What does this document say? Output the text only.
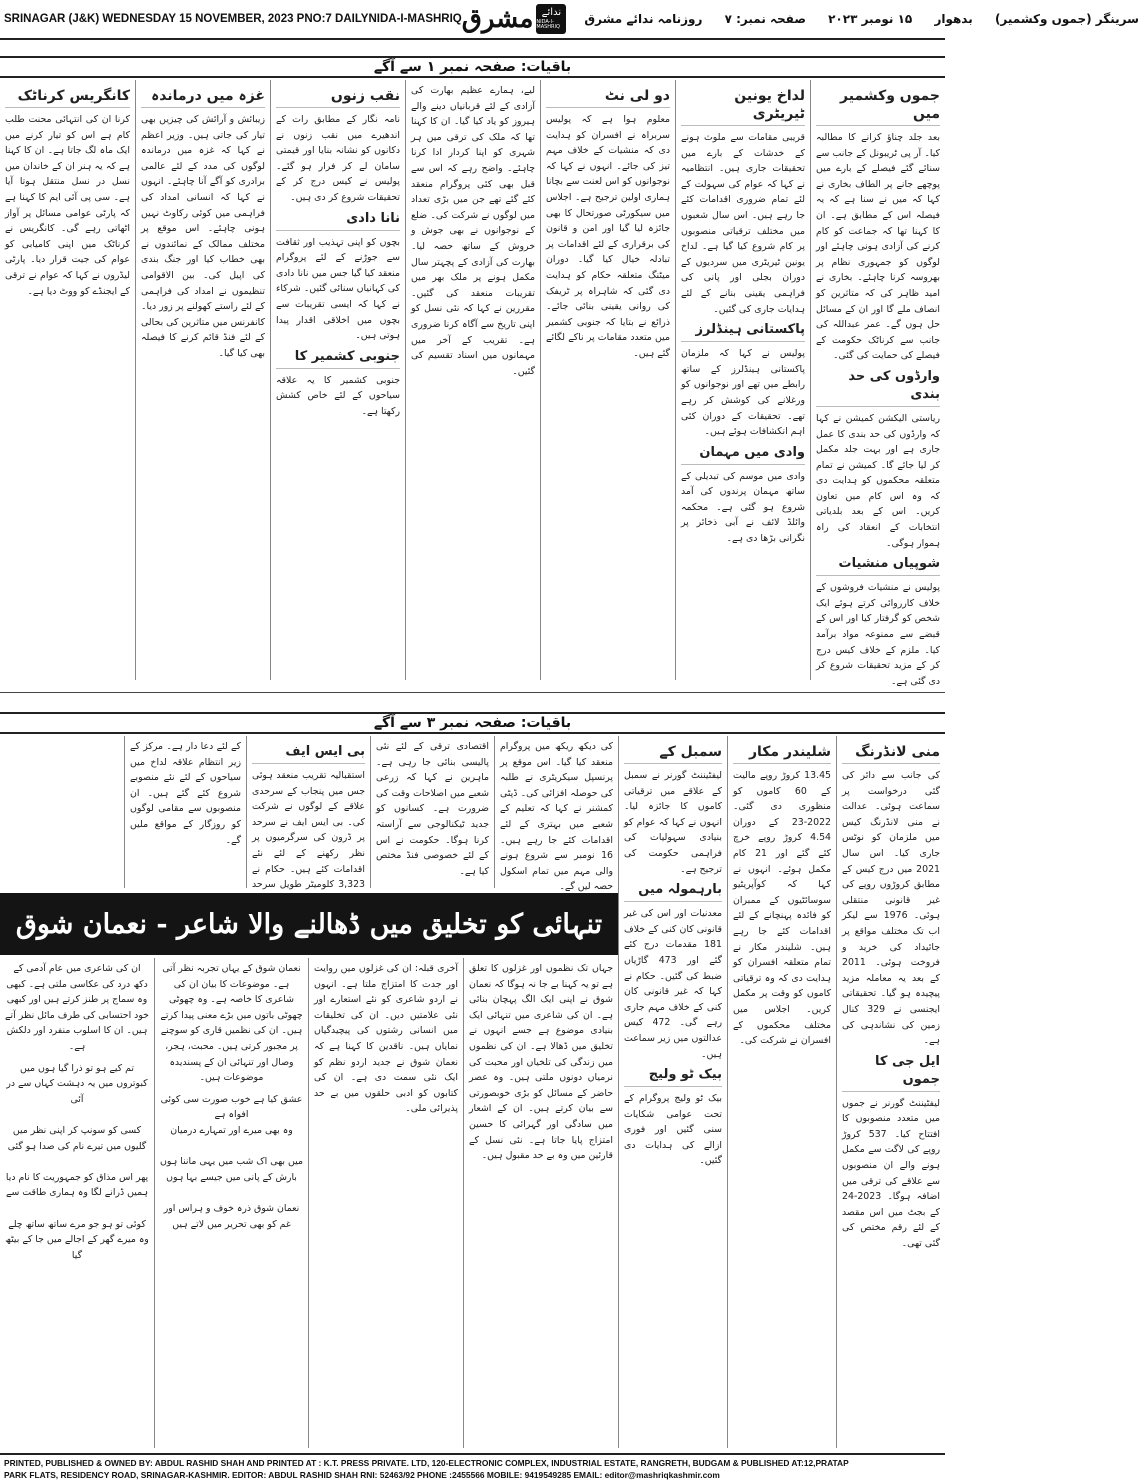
SRINAGAR (J&K) WEDNESDAY 15 NOVEMBER, 2023 PNO:7 DAILYNIDA-I-MASHRIQ مشرق ندائے
NIDA-I-MASHRIQ
سرینگر (جموں وکشمیر) بدھوار ۱۵ نومبر ۲۰۲۳ صفحہ نمبر: ۷ روزنامہ ندائے مشرق
باقیات: صفحہ نمبر ۱ سے آگے
جموں وکشمیر میں
بعد جلد چناؤ کرانے کا مطالبہ کیا۔ آر پی ٹریبونل کے جانب سے سنائے گئے فیصلے کے بارے میں پوچھے جانے پر الطاف بخاری نے کہا کہ میں نے سنا ہے کہ یہ فیصلہ اس کے مطابق ہے۔ ان کا کہنا تھا کہ جماعت کو کام کرنے کی آزادی ہونی چاہئے اور لوگوں کو جمہوری نظام پر بھروسہ کرنا چاہئے۔ بخاری نے امید ظاہر کی کہ متاثرین کو انصاف ملے گا اور ان کے مسائل حل ہوں گے۔ عمر عبداللہ کی جانب سے کرناٹک حکومت کے فیصلے کی حمایت کی گئی۔
وارڈوں کی حد بندی
ریاستی الیکشن کمیشن نے کہا کہ وارڈوں کی حد بندی کا عمل جاری ہے اور بہت جلد مکمل کر لیا جائے گا۔ کمیشن نے تمام متعلقہ محکموں کو ہدایت دی کہ وہ اس کام میں تعاون کریں۔ اس کے بعد بلدیاتی انتخابات کے انعقاد کی راہ ہموار ہوگی۔
شوپیاں منشیات
پولیس نے منشیات فروشوں کے خلاف کارروائی کرتے ہوئے ایک شخص کو گرفتار کیا اور اس کے قبضے سے ممنوعہ مواد برآمد کیا۔ ملزم کے خلاف کیس درج کر کے مزید تحقیقات شروع کر دی گئی ہے۔
لداخ یونین ٹیریٹری
قریبی مقامات سے ملوث ہونے کے خدشات کے بارے میں تحقیقات جاری ہیں۔ انتظامیہ نے کہا کہ عوام کی سہولت کے لئے تمام ضروری اقدامات کئے جا رہے ہیں۔ اس سال شعبوں میں مختلف ترقیاتی منصوبوں پر کام شروع کیا گیا ہے۔ لداخ یونین ٹیریٹری میں سردیوں کے دوران بجلی اور پانی کی فراہمی یقینی بنانے کے لئے ہدایات جاری کی گئیں۔
پاکستانی ہینڈلرز
پولیس نے کہا کہ ملزمان پاکستانی ہینڈلرز کے ساتھ رابطے میں تھے اور نوجوانوں کو ورغلانے کی کوشش کر رہے تھے۔ تحقیقات کے دوران کئی اہم انکشافات ہوئے ہیں۔
وادی میں مہمان
وادی میں موسم کی تبدیلی کے ساتھ مہمان پرندوں کی آمد شروع ہو گئی ہے۔ محکمہ وائلڈ لائف نے آبی ذخائر پر نگرانی بڑھا دی ہے۔
دو لی نٹ
معلوم ہوا ہے کہ پولیس سربراہ نے افسران کو ہدایت دی کہ منشیات کے خلاف مہم تیز کی جائے۔ انہوں نے کہا کہ نوجوانوں کو اس لعنت سے بچانا ہماری اولین ترجیح ہے۔ اجلاس میں سیکورٹی صورتحال کا بھی جائزہ لیا گیا اور امن و قانون کی برقراری کے لئے اقدامات پر تبادلہ خیال کیا گیا۔ دوران میٹنگ متعلقہ حکام کو ہدایت دی گئی کہ شاہراہ پر ٹریفک کی روانی یقینی بنائی جائے۔ ذرائع نے بتایا کہ جنوبی کشمیر میں متعدد مقامات پر ناکے لگائے گئے ہیں۔
لیے، ہمارے عظیم بھارت کی آزادی کے لئے قربانیاں دینے والے ہیروز کو یاد کیا گیا۔ ان کا کہنا تھا کہ ملک کی ترقی میں ہر شہری کو اپنا کردار ادا کرنا چاہئے۔ واضح رہے کہ اس سے قبل بھی کئی پروگرام منعقد کئے گئے تھے جن میں بڑی تعداد میں لوگوں نے شرکت کی۔ ضلع کے نوجوانوں نے بھی جوش و خروش کے ساتھ حصہ لیا۔ بھارت کی آزادی کے پچہتر سال مکمل ہونے پر ملک بھر میں تقریبات منعقد کی گئیں۔ مقررین نے کہا کہ نئی نسل کو اپنی تاریخ سے آگاہ کرنا ضروری ہے۔ تقریب کے آخر میں مہمانوں میں اسناد تقسیم کی گئیں۔
نقب زنوں
نامہ نگار کے مطابق رات کے اندھیرے میں نقب زنوں نے دکانوں کو نشانہ بنایا اور قیمتی سامان لے کر فرار ہو گئے۔ پولیس نے کیس درج کر کے تحقیقات شروع کر دی ہیں۔
نانا دادی
بچوں کو اپنی تہذیب اور ثقافت سے جوڑنے کے لئے پروگرام منعقد کیا گیا جس میں نانا دادی کی کہانیاں سنائی گئیں۔ شرکاء نے کہا کہ ایسی تقریبات سے بچوں میں اخلاقی اقدار پیدا ہوتی ہیں۔
جنوبی کشمیر کا
جنوبی کشمیر کا یہ علاقہ سیاحوں کے لئے خاص کشش رکھتا ہے۔
غزہ میں درماندہ
زیبائش و آرائش کی چیزیں بھی تیار کی جاتی ہیں۔ وزیر اعظم نے کہا کہ غزہ میں درماندہ لوگوں کی مدد کے لئے عالمی برادری کو آگے آنا چاہئے۔ انہوں نے کہا کہ انسانی امداد کی فراہمی میں کوئی رکاوٹ نہیں ہونی چاہئے۔ اس موقع پر مختلف ممالک کے نمائندوں نے بھی خطاب کیا اور جنگ بندی کی اپیل کی۔ بین الاقوامی تنظیموں نے امداد کی فراہمی کے لئے راستے کھولنے پر زور دیا۔ کانفرنس میں متاثرین کی بحالی کے لئے فنڈ قائم کرنے کا فیصلہ بھی کیا گیا۔
کانگریس کرناٹک
کرنا ان کی انتہائی محنت طلب کام ہے اس کو تیار کرنے میں ایک ماہ لگ جاتا ہے۔ ان کا کہنا ہے کہ یہ ہنر ان کے خاندان میں نسل در نسل منتقل ہوتا آیا ہے۔ سی پی آئی ایم کا کہنا ہے کہ پارٹی عوامی مسائل پر آواز اٹھاتی رہے گی۔ کانگریس نے کرناٹک میں اپنی کامیابی کو عوام کی جیت قرار دیا۔ پارٹی لیڈروں نے کہا کہ عوام نے ترقی کے ایجنڈے کو ووٹ دیا ہے۔
باقیات: صفحہ نمبر ۳ سے آگے
منی لانڈرنگ
کی جانب سے دائر کی گئی درخواست پر سماعت ہوئی۔ عدالت نے منی لانڈرنگ کیس میں ملزمان کو نوٹس جاری کیا۔ اس سال 2021 میں درج کیس کے مطابق کروڑوں روپے کی غیر قانونی منتقلی ہوئی۔ 1976 سے لیکر اب تک مختلف مواقع پر جائیداد کی خرید و فروخت ہوئی۔ 2011 کے بعد یہ معاملہ مزید پیچیدہ ہو گیا۔ تحقیقاتی ایجنسی نے 329 کنال زمین کی نشاندہی کی ہے۔
ایل جی کا جموں
لیفٹیننٹ گورنر نے جموں میں متعدد منصوبوں کا افتتاح کیا۔ 537 کروڑ روپے کی لاگت سے مکمل ہونے والے ان منصوبوں سے علاقے کی ترقی میں اضافہ ہوگا۔ 2023-24 کے بجٹ میں اس مقصد کے لئے رقم مختص کی گئی تھی۔
شلیندر مکار
13.45 کروڑ روپے مالیت کے 60 کاموں کو منظوری دی گئی۔ 2022-23 کے دوران 4.54 کروڑ روپے خرچ کئے گئے اور 21 کام مکمل ہوئے۔ انہوں نے کہا کہ کوآپریٹیو سوسائٹیوں کے ممبران کو فائدہ پہنچانے کے لئے اقدامات کئے جا رہے ہیں۔ شلیندر مکار نے تمام متعلقہ افسران کو ہدایت دی کہ وہ ترقیاتی کاموں کو وقت پر مکمل کریں۔ اجلاس میں مختلف محکموں کے افسران نے شرکت کی۔
سمبل کے
لیفٹیننٹ گورنر نے سمبل کے علاقے میں ترقیاتی کاموں کا جائزہ لیا۔ انہوں نے کہا کہ عوام کو بنیادی سہولیات کی فراہمی حکومت کی ترجیح ہے۔
بارہمولہ میں
معدنیات اور اس کی غیر قانونی کان کنی کے خلاف 181 مقدمات درج کئے گئے اور 473 گاڑیاں ضبط کی گئیں۔ حکام نے کہا کہ غیر قانونی کان کنی کے خلاف مہم جاری رہے گی۔ 472 کیس عدالتوں میں زیر سماعت ہیں۔
بیک ٹو ولیج
بیک ٹو ولیج پروگرام کے تحت عوامی شکایات سنی گئیں اور فوری ازالے کی ہدایات دی گئیں۔
کی دیکھ ریکھ میں پروگرام منعقد کیا گیا۔ اس موقع پر پرنسپل سیکریٹری نے طلبہ کی حوصلہ افزائی کی۔ ڈپٹی کمشنر نے کہا کہ تعلیم کے شعبے میں بہتری کے لئے اقدامات کئے جا رہے ہیں۔ 16 نومبر سے شروع ہونے والی مہم میں تمام اسکول حصہ لیں گے۔
اقتصادی ترقی کے لئے نئی پالیسی بنائی جا رہی ہے۔ ماہرین نے کہا کہ زرعی شعبے میں اصلاحات وقت کی ضرورت ہے۔ کسانوں کو جدید ٹیکنالوجی سے آراستہ کرنا ہوگا۔ حکومت نے اس کے لئے خصوصی فنڈ مختص کیا ہے۔
بی ایس ایف
استقبالیہ تقریب منعقد ہوئی جس میں پنجاب کے سرحدی علاقے کے لوگوں نے شرکت کی۔ بی ایس ایف نے سرحد پر ڈرون کی سرگرمیوں پر نظر رکھنے کے لئے نئے اقدامات کئے ہیں۔ حکام نے 3,323 کلومیٹر طویل سرحد
کے لئے دعا دار ہے۔ مرکز کے زیر انتظام علاقہ لداخ میں سیاحوں کے لئے نئے منصوبے شروع کئے گئے ہیں۔ ان منصوبوں سے مقامی لوگوں کو روزگار کے مواقع ملیں گے۔
تنہائی کو تخلیق میں ڈھالنے والا شاعر - نعمان شوق
جہاں تک نظموں اور غزلوں کا تعلق ہے تو یہ کہنا بے جا نہ ہوگا کہ نعمان شوق نے اپنی ایک الگ پہچان بنائی ہے۔ ان کی شاعری میں تنہائی ایک بنیادی موضوع ہے جسے انہوں نے تخلیق میں ڈھالا ہے۔ ان کی نظموں میں زندگی کی تلخیاں اور محبت کی نرمیاں دونوں ملتی ہیں۔ وہ عصر حاضر کے مسائل کو بڑی خوبصورتی سے بیان کرتے ہیں۔ ان کے اشعار میں سادگی اور گہرائی کا حسین امتزاج پایا جاتا ہے۔ نئی نسل کے قارئین میں وہ بے حد مقبول ہیں۔
آخری قبلہ: ان کی غزلوں میں روایت اور جدت کا امتزاج ملتا ہے۔ انہوں نے اردو شاعری کو نئے استعارے اور نئی علامتیں دیں۔ ان کی تخلیقات میں انسانی رشتوں کی پیچیدگیاں نمایاں ہیں۔ ناقدین کا کہنا ہے کہ نعمان شوق نے جدید اردو نظم کو ایک نئی سمت دی ہے۔ ان کی کتابوں کو ادبی حلقوں میں بے حد پذیرائی ملی۔
نعمان شوق کے یہاں تجربہ نظر آتی ہے۔ موضوعات کا بیان ان کی شاعری کا خاصہ ہے۔ وہ چھوٹی چھوٹی باتوں میں بڑے معنی پیدا کرتے ہیں۔ ان کی نظمیں قاری کو سوچنے پر مجبور کرتی ہیں۔ محبت، ہجر، وصال اور تنہائی ان کے پسندیدہ موضوعات ہیں۔
عشق کیا ہے خوب صورت سی کوئی افواہ ہے
وہ بھی میرے اور تمہارے درمیان

میں بھی اک شب میں یہی ماننا ہوں
بارش کے پانی میں جیسے بہا ہوں

نعمان شوق ذرہ خوف و ہراس اور
غم کو بھی تحریر میں لاتے ہیں
ان کی شاعری میں عام آدمی کے دکھ درد کی عکاسی ملتی ہے۔ کبھی وہ سماج پر طنز کرتے ہیں اور کبھی خود احتسابی کی طرف مائل نظر آتے ہیں۔ ان کا اسلوب منفرد اور دلکش ہے۔
تم کیے ہو تو ذرا گیا ہوں میں
کبوتروں میں یہ دہشت کہاں سے در آئی

کسی کو سونپ کر اپنی نظر میں
گلیوں میں تیرے نام کی صدا ہو گئی

پھر اس مذاق کو جمہوریت کا نام دیا
ہمیں ڈرانے لگا وہ ہماری طاقت سے

کوئی تو ہو جو مرے ساتھ ساتھ چلے
وہ میرے گھر کے اجالے میں جا کے بیٹھ گیا
PRINTED, PUBLISHED & OWNED BY: ABDUL RASHID SHAH AND PRINTED AT : K.T. PRESS PRIVATE. LTD, 120-ELECTRONIC COMPLEX, INDUSTRIAL ESTATE, RANGRETH, BUDGAM & PUBLISHED AT:12,PRATAP
PARK FLATS, RESIDENCY ROAD, SRINAGAR-KASHMIR. EDITOR: ABDUL RASHID SHAH RNI: 52463/92 PHONE :2455566 MOBILE: 9419549285 EMAIL: editor@mashriqkashmir.com
